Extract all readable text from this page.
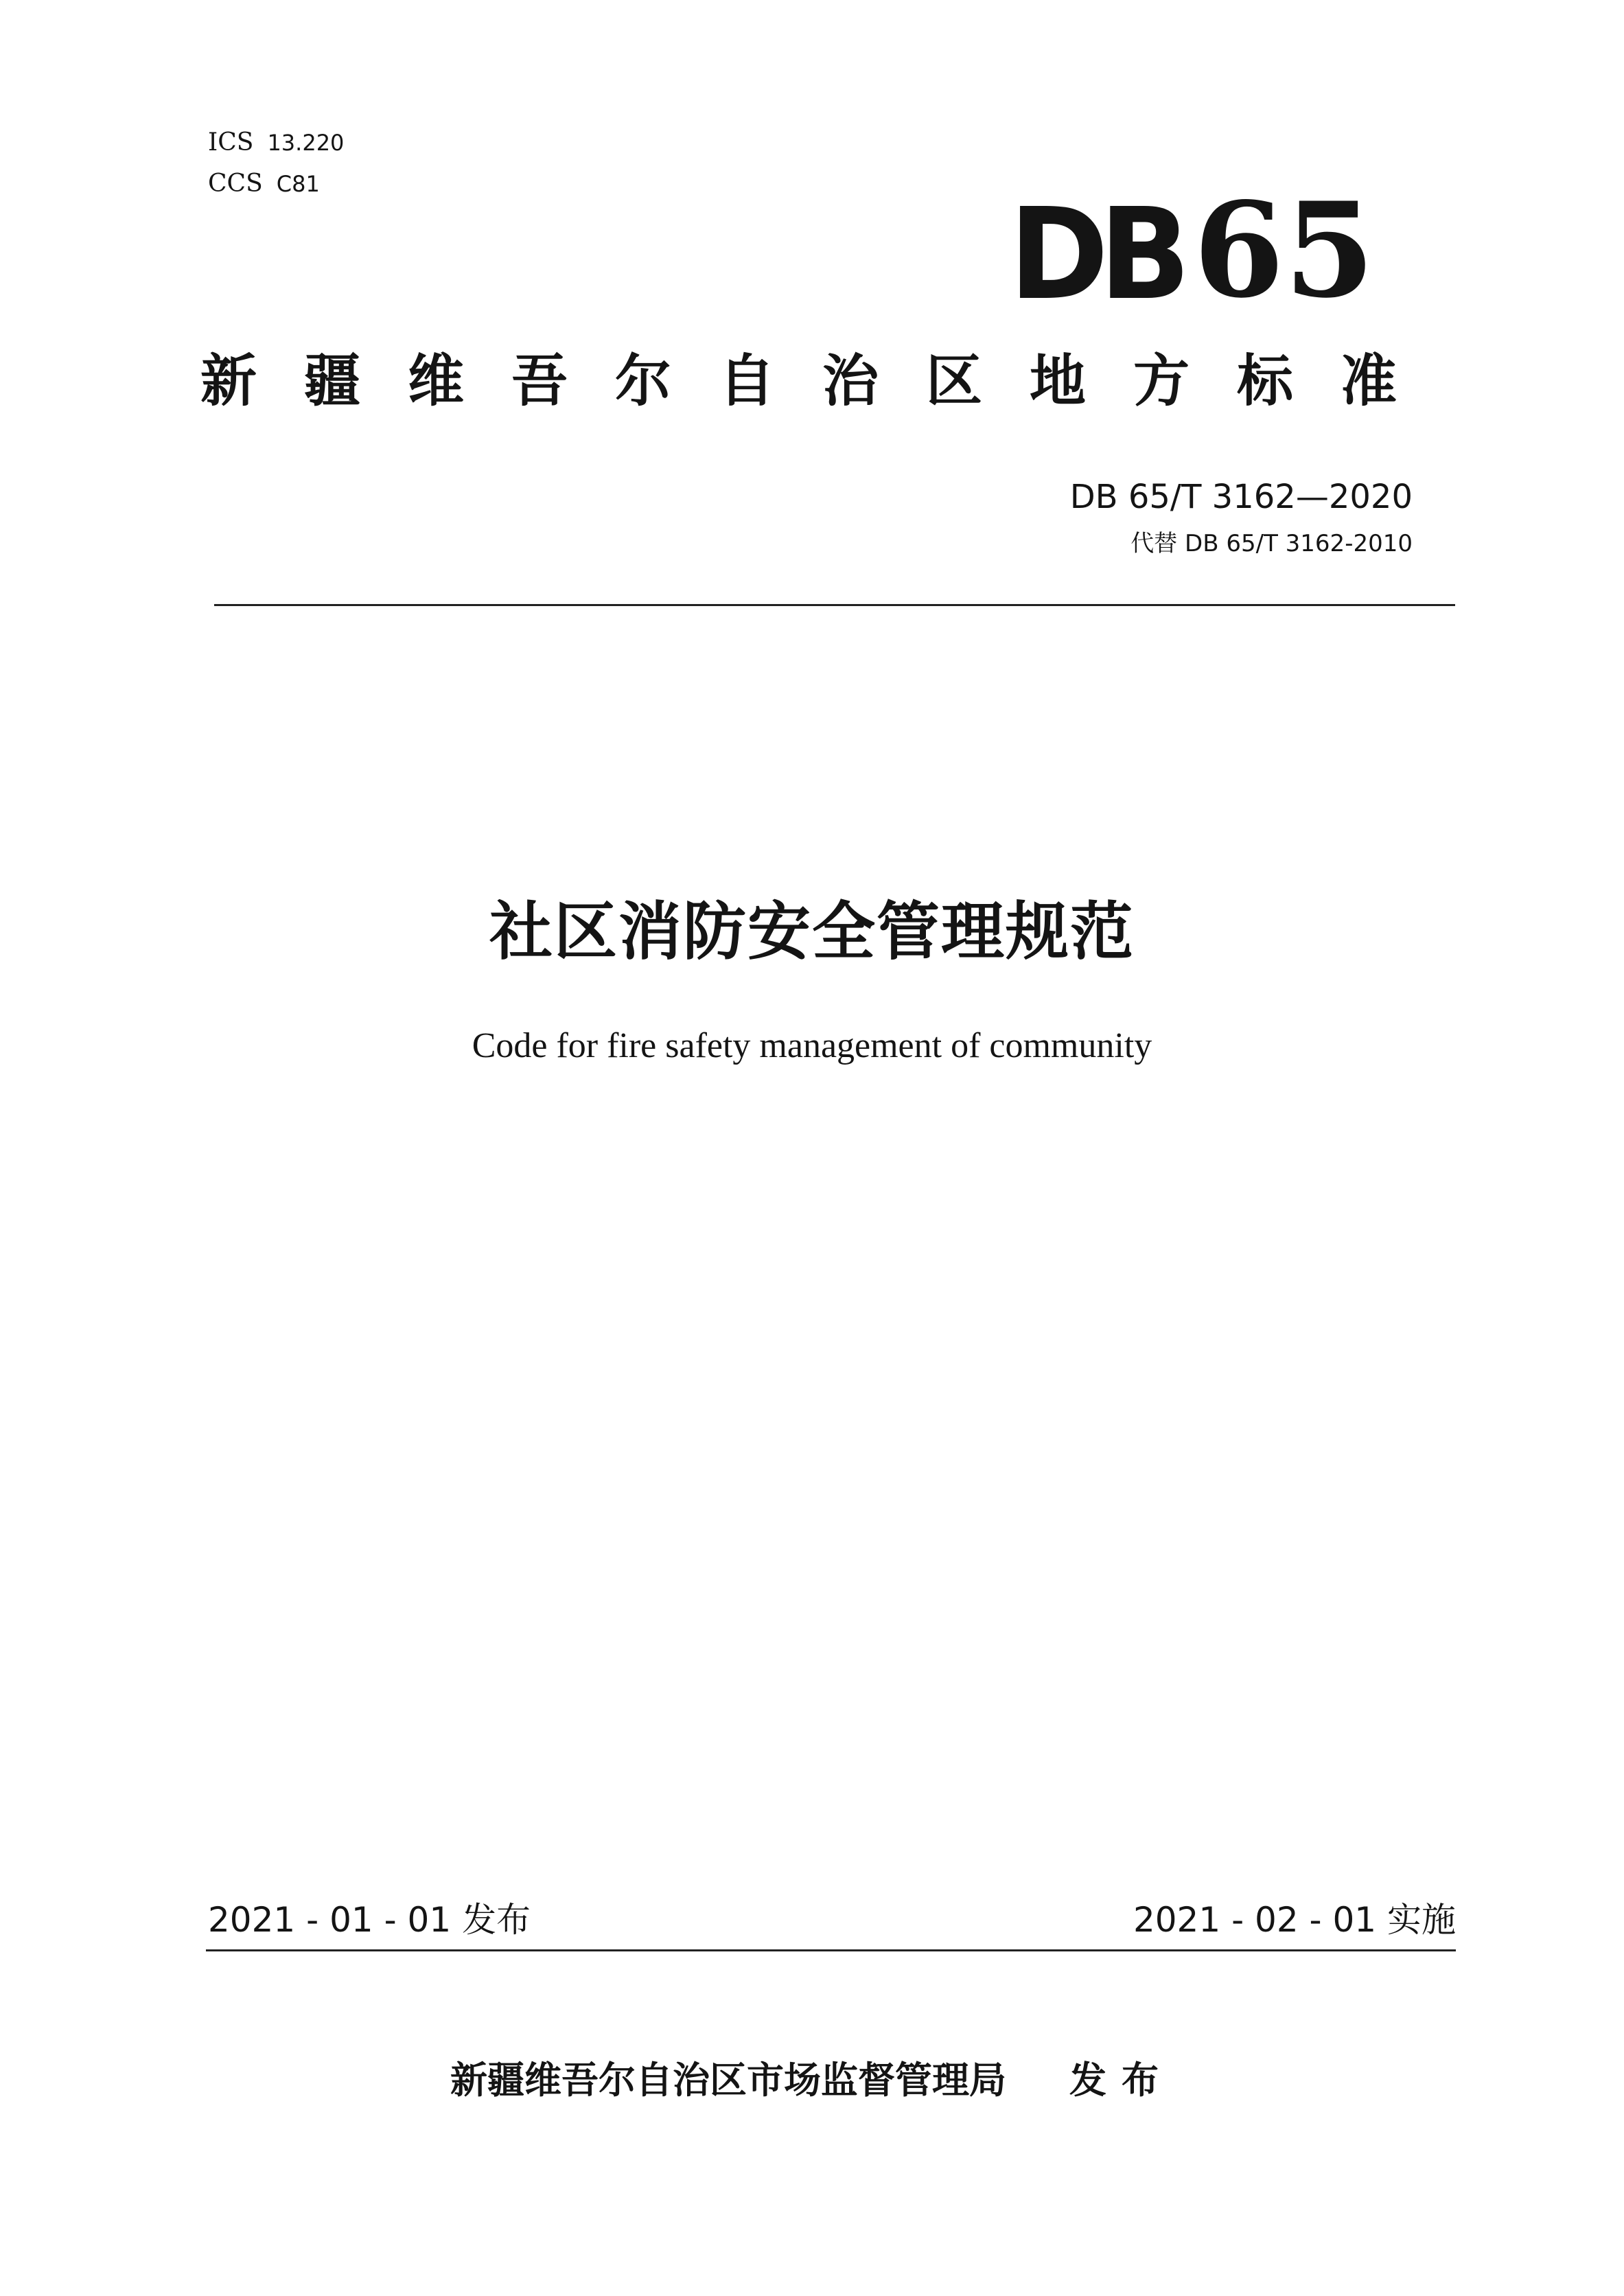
ICS 13.220
CCS C81	DB65
新疆维吾尔自治区地方标准
DB 65/T 3162—2020
代替 DB 65/T 3162-2010
社区消防安全管理规范
Code for fire safety management of community
2021 - 01 - 01 发布	2021 - 02 - 01 实施
新疆维吾尔自治区市场监督管理局 发布
